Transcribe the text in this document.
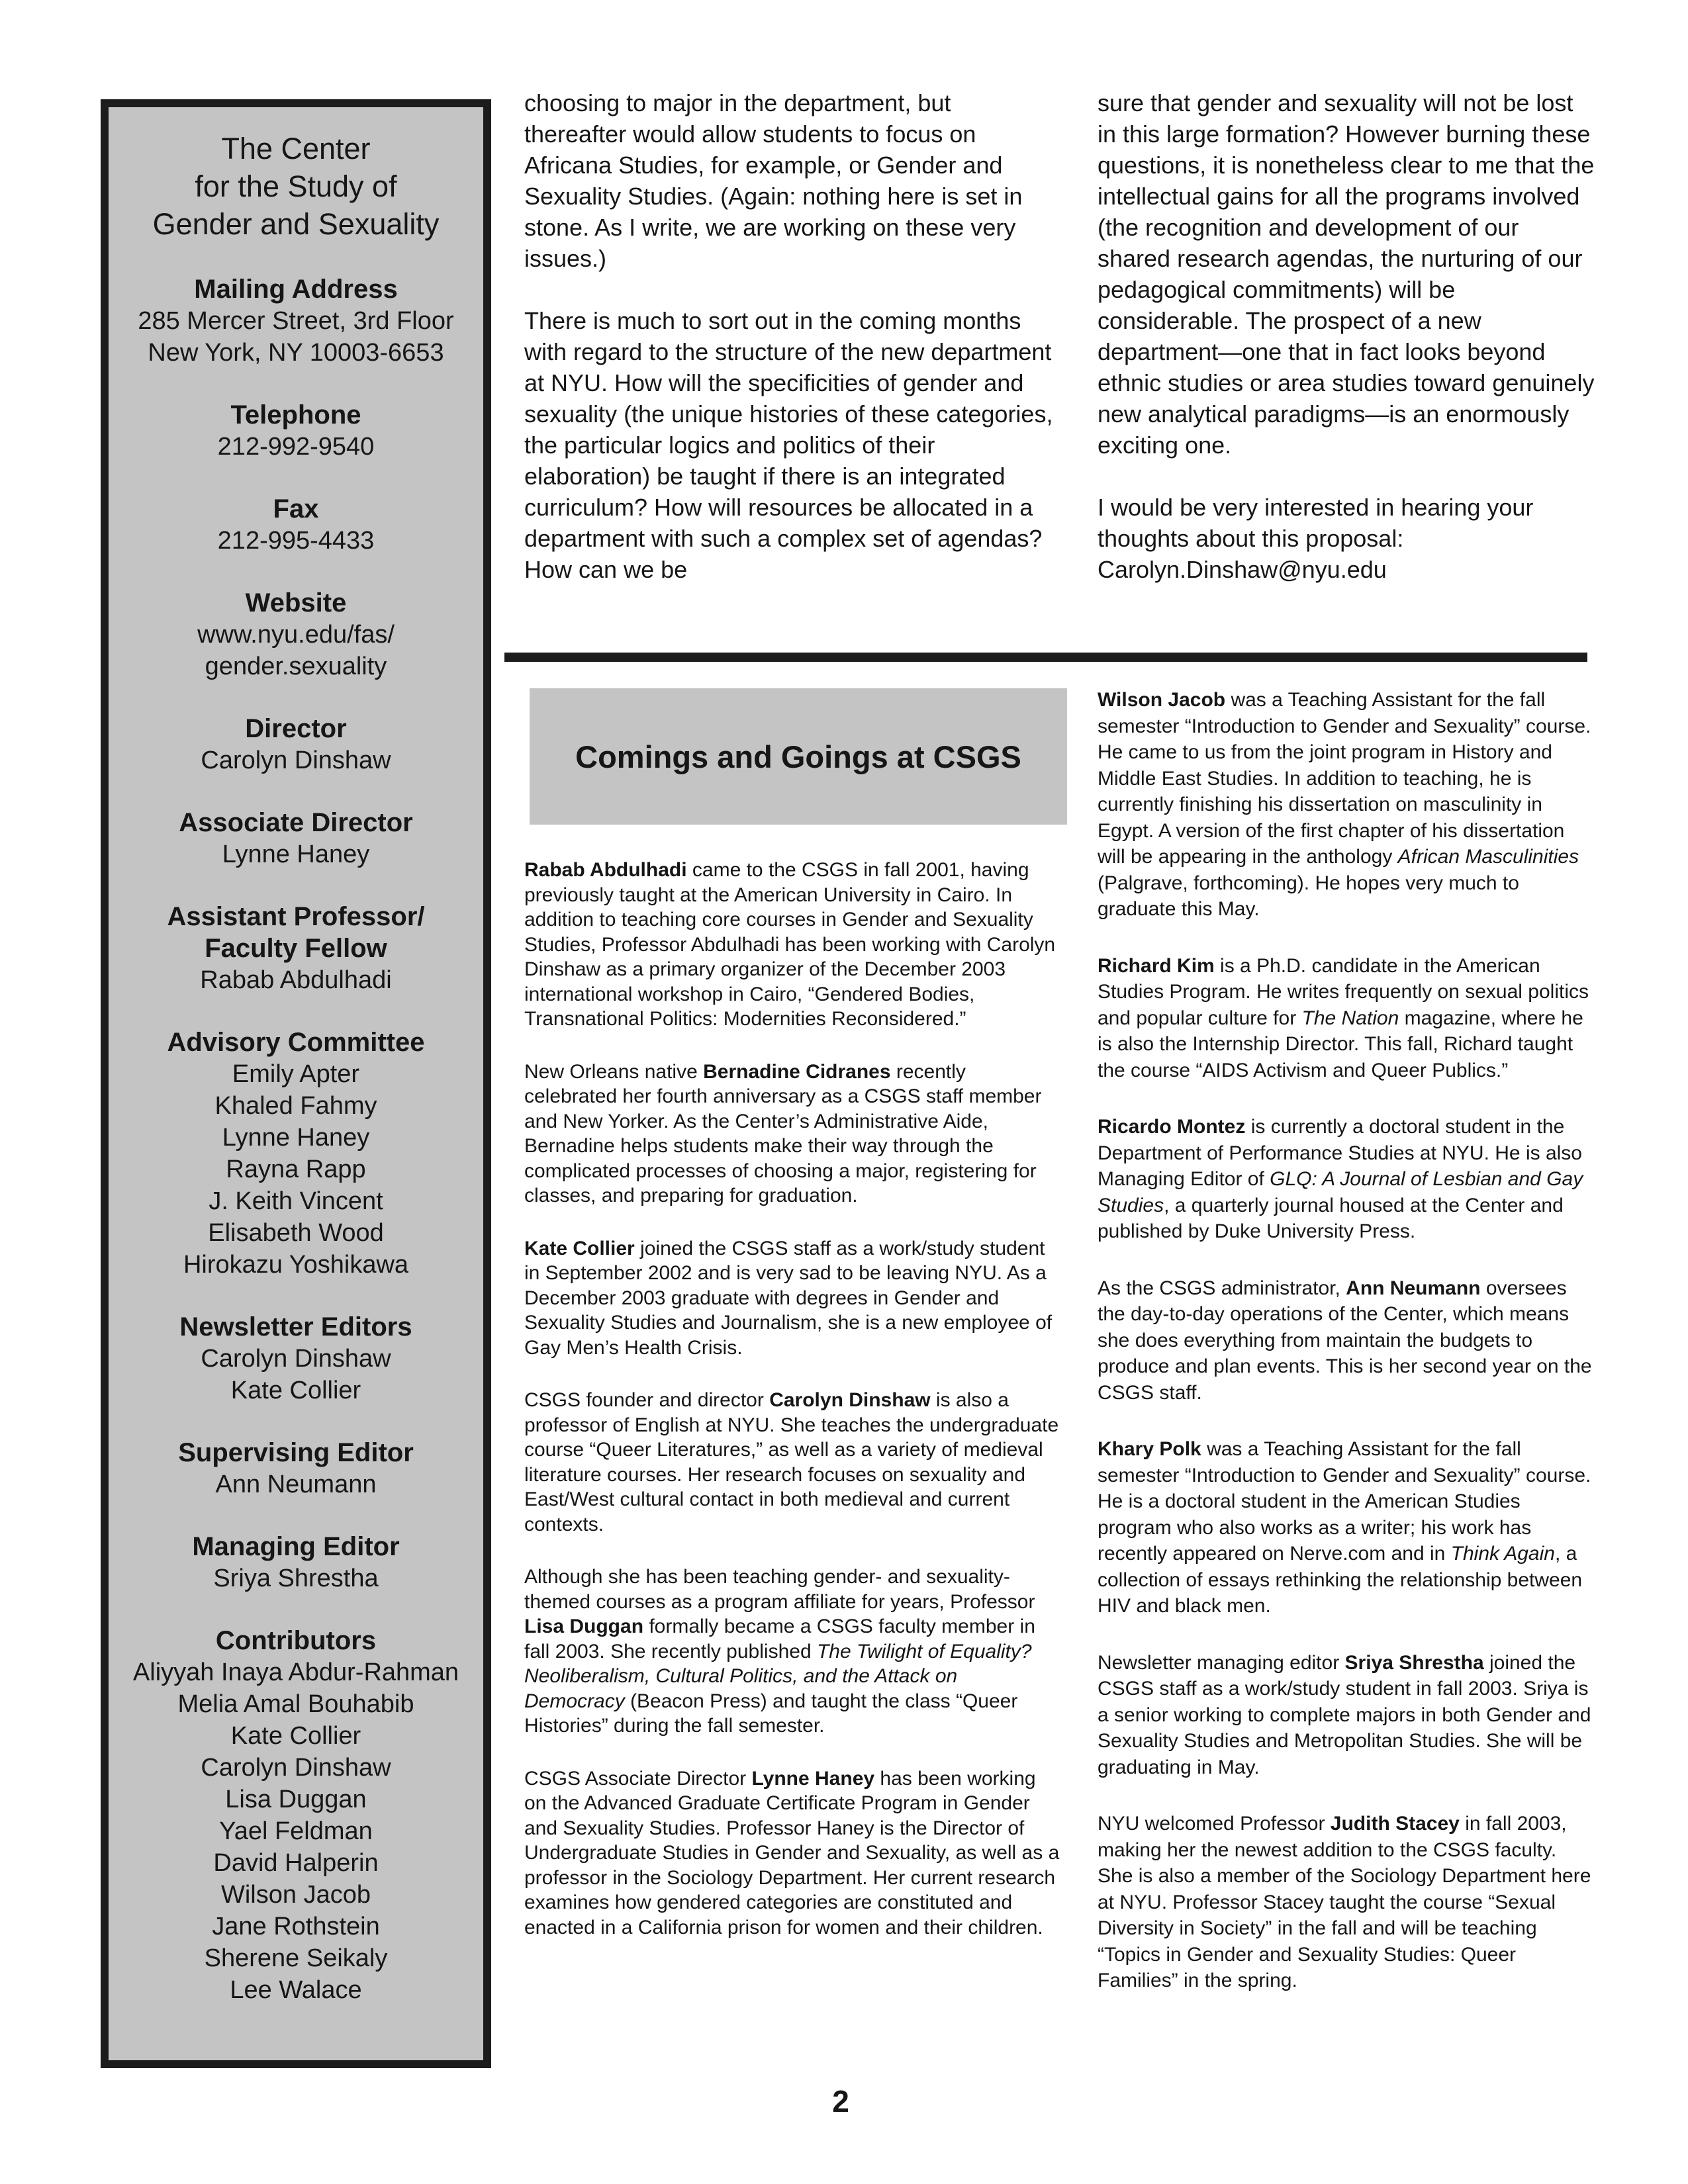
The Center
for the Study of
Gender and Sexuality
Mailing Address
285 Mercer Street, 3rd Floor
New York, NY 10003-6653
Telephone
212-992-9540
Fax
212-995-4433
Website
www.nyu.edu/fas/
gender.sexuality
Director
Carolyn Dinshaw
Associate Director
Lynne Haney
Assistant Professor/
Faculty Fellow
Rabab Abdulhadi
Advisory Committee
Emily Apter
Khaled Fahmy
Lynne Haney
Rayna Rapp
J. Keith Vincent
Elisabeth Wood
Hirokazu Yoshikawa
Newsletter Editors
Carolyn Dinshaw
Kate Collier
Supervising Editor
Ann Neumann
Managing Editor
Sriya Shrestha
Contributors
Aliyyah Inaya Abdur-Rahman
Melia Amal Bouhabib
Kate Collier
Carolyn Dinshaw
Lisa Duggan
Yael Feldman
David Halperin
Wilson Jacob
Jane Rothstein
Sherene Seikaly
Lee Walace

choosing to major in the department, but thereafter would allow students to focus on Africana Studies, for example, or Gender and Sexuality Studies. (Again: nothing here is set in stone. As I write, we are working on these very issues.)

There is much to sort out in the coming months with regard to the structure of the new department at NYU. How will the specificities of gender and sexuality (the unique histories of these categories, the particular logics and politics of their elaboration) be taught if there is an integrated curriculum? How will resources be allocated in a department with such a complex set of agendas? How can we be

sure that gender and sexuality will not be lost in this large formation? However burning these questions, it is nonetheless clear to me that the intellectual gains for all the programs involved (the recognition and development of our shared research agendas, the nurturing of our pedagogical commitments) will be considerable. The prospect of a new department—one that in fact looks beyond ethnic studies or area studies toward genuinely new analytical paradigms—is an enormously exciting one.

I would be very interested in hearing your thoughts about this proposal: Carolyn.Dinshaw@nyu.edu

Comings and Goings at CSGS

Rabab Abdulhadi came to the CSGS in fall 2001, having previously taught at the American University in Cairo. In addition to teaching core courses in Gender and Sexuality Studies, Professor Abdulhadi has been working with Carolyn Dinshaw as a primary organizer of the December 2003 international workshop in Cairo, “Gendered Bodies, Transnational Politics: Modernities Reconsidered.”

New Orleans native Bernadine Cidranes recently celebrated her fourth anniversary as a CSGS staff member and New Yorker. As the Center’s Administrative Aide, Bernadine helps students make their way through the complicated processes of choosing a major, registering for classes, and preparing for graduation.

Kate Collier joined the CSGS staff as a work/study student in September 2002 and is very sad to be leaving NYU. As a December 2003 graduate with degrees in Gender and Sexuality Studies and Journalism, she is a new employee of Gay Men’s Health Crisis.

CSGS founder and director Carolyn Dinshaw is also a professor of English at NYU. She teaches the undergraduate course “Queer Literatures,” as well as a variety of medieval literature courses. Her research focuses on sexuality and East/West cultural contact in both medieval and current contexts.

Although she has been teaching gender- and sexuality- themed courses as a program affiliate for years, Professor Lisa Duggan formally became a CSGS faculty member in fall 2003. She recently published The Twilight of Equality? Neoliberalism, Cultural Politics, and the Attack on Democracy (Beacon Press) and taught the class “Queer Histories” during the fall semester.

CSGS Associate Director Lynne Haney has been working on the Advanced Graduate Certificate Program in Gender and Sexuality Studies. Professor Haney is the Director of Undergraduate Studies in Gender and Sexuality, as well as a professor in the Sociology Department. Her current research examines how gendered categories are constituted and enacted in a California prison for women and their children.

Wilson Jacob was a Teaching Assistant for the fall semester “Introduction to Gender and Sexuality” course. He came to us from the joint program in History and Middle East Studies. In addition to teaching, he is currently finishing his dissertation on masculinity in Egypt. A version of the first chapter of his dissertation will be appearing in the anthology African Masculinities (Palgrave, forthcoming). He hopes very much to graduate this May.

Richard Kim is a Ph.D. candidate in the American Studies Program. He writes frequently on sexual politics and popular culture for The Nation magazine, where he is also the Internship Director. This fall, Richard taught the course “AIDS Activism and Queer Publics.”

Ricardo Montez is currently a doctoral student in the Department of Performance Studies at NYU. He is also Managing Editor of GLQ: A Journal of Lesbian and Gay Studies, a quarterly journal housed at the Center and published by Duke University Press.

As the CSGS administrator, Ann Neumann oversees the day-to-day operations of the Center, which means she does everything from maintain the budgets to produce and plan events. This is her second year on the CSGS staff.

Khary Polk was a Teaching Assistant for the fall semester “Introduction to Gender and Sexuality” course. He is a doctoral student in the American Studies program who also works as a writer; his work has recently appeared on Nerve.com and in Think Again, a collection of essays rethinking the relationship between HIV and black men.

Newsletter managing editor Sriya Shrestha joined the CSGS staff as a work/study student in fall 2003. Sriya is a senior working to complete majors in both Gender and Sexuality Studies and Metropolitan Studies. She will be graduating in May.

NYU welcomed Professor Judith Stacey in fall 2003, making her the newest addition to the CSGS faculty. She is also a member of the Sociology Department here at NYU. Professor Stacey taught the course “Sexual Diversity in Society” in the fall and will be teaching “Topics in Gender and Sexuality Studies: Queer Families” in the spring.

2
